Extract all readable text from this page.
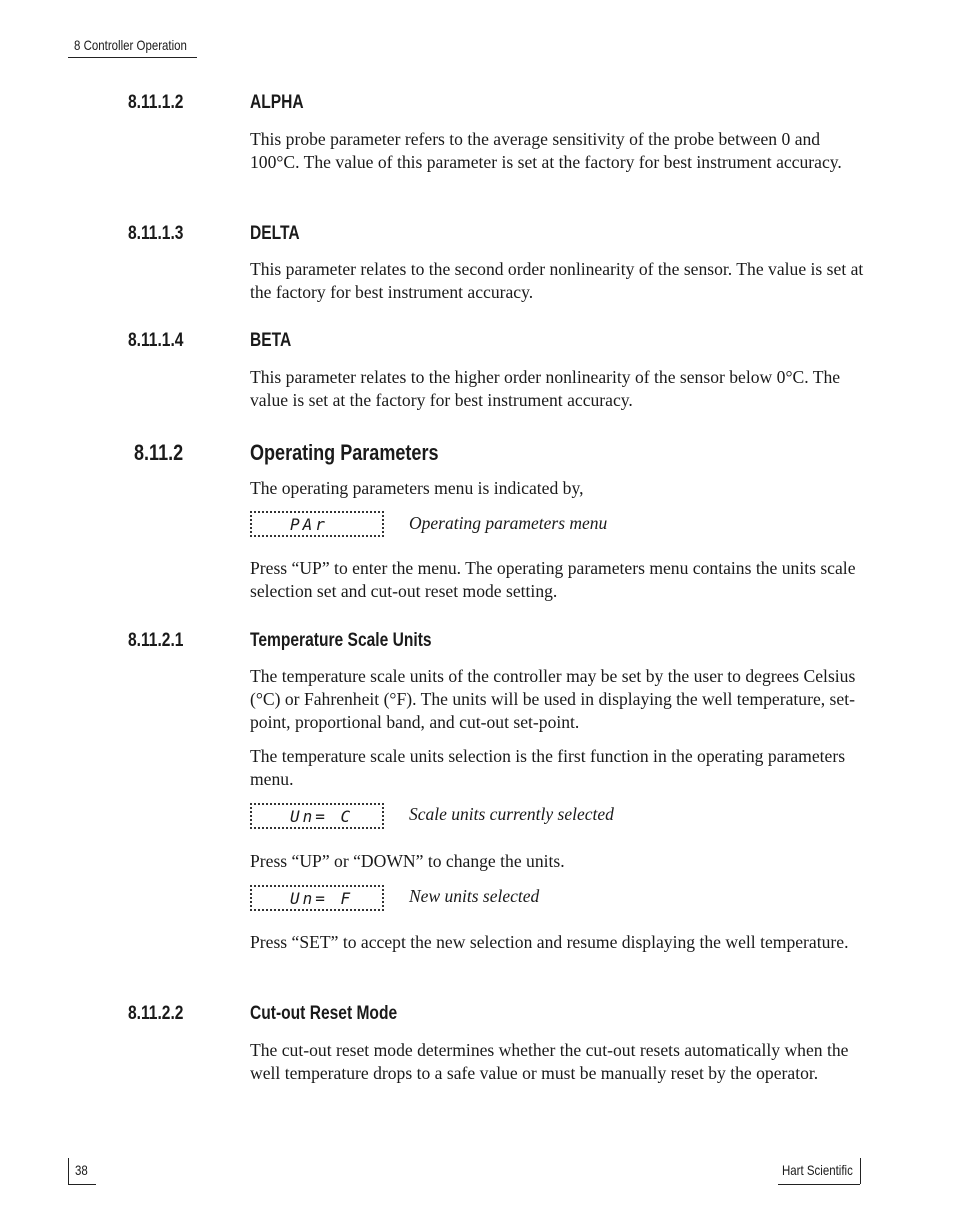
8 Controller Operation
8.11.1.2	ALPHA

This probe parameter refers to the average sensitivity of the probe between 0 and 100°C. The value of this parameter is set at the factory for best instrument accuracy.

8.11.1.3	DELTA

This parameter relates to the second order nonlinearity of the sensor. The value is set at the factory for best instrument accuracy.

8.11.1.4	BETA

This parameter relates to the higher order nonlinearity of the sensor below 0°C. The value is set at the factory for best instrument accuracy.

8.11.2	Operating Parameters

The operating parameters menu is indicated by,

PAr	Operating parameters menu

Press “UP” to enter the menu. The operating parameters menu contains the units scale selection set and cut-out reset mode setting.

8.11.2.1	Temperature Scale Units

The temperature scale units of the controller may be set by the user to degrees Celsius (°C) or Fahrenheit (°F). The units will be used in displaying the well temperature, set-point, proportional band, and cut-out set-point.

The temperature scale units selection is the first function in the operating parameters menu.

Un= C	Scale units currently selected

Press “UP” or “DOWN” to change the units.

Un= F	New units selected

Press “SET” to accept the new selection and resume displaying the well temperature.

8.11.2.2	Cut-out Reset Mode

The cut-out reset mode determines whether the cut-out resets automatically when the well temperature drops to a safe value or must be manually reset by the operator.

38	Hart Scientific
